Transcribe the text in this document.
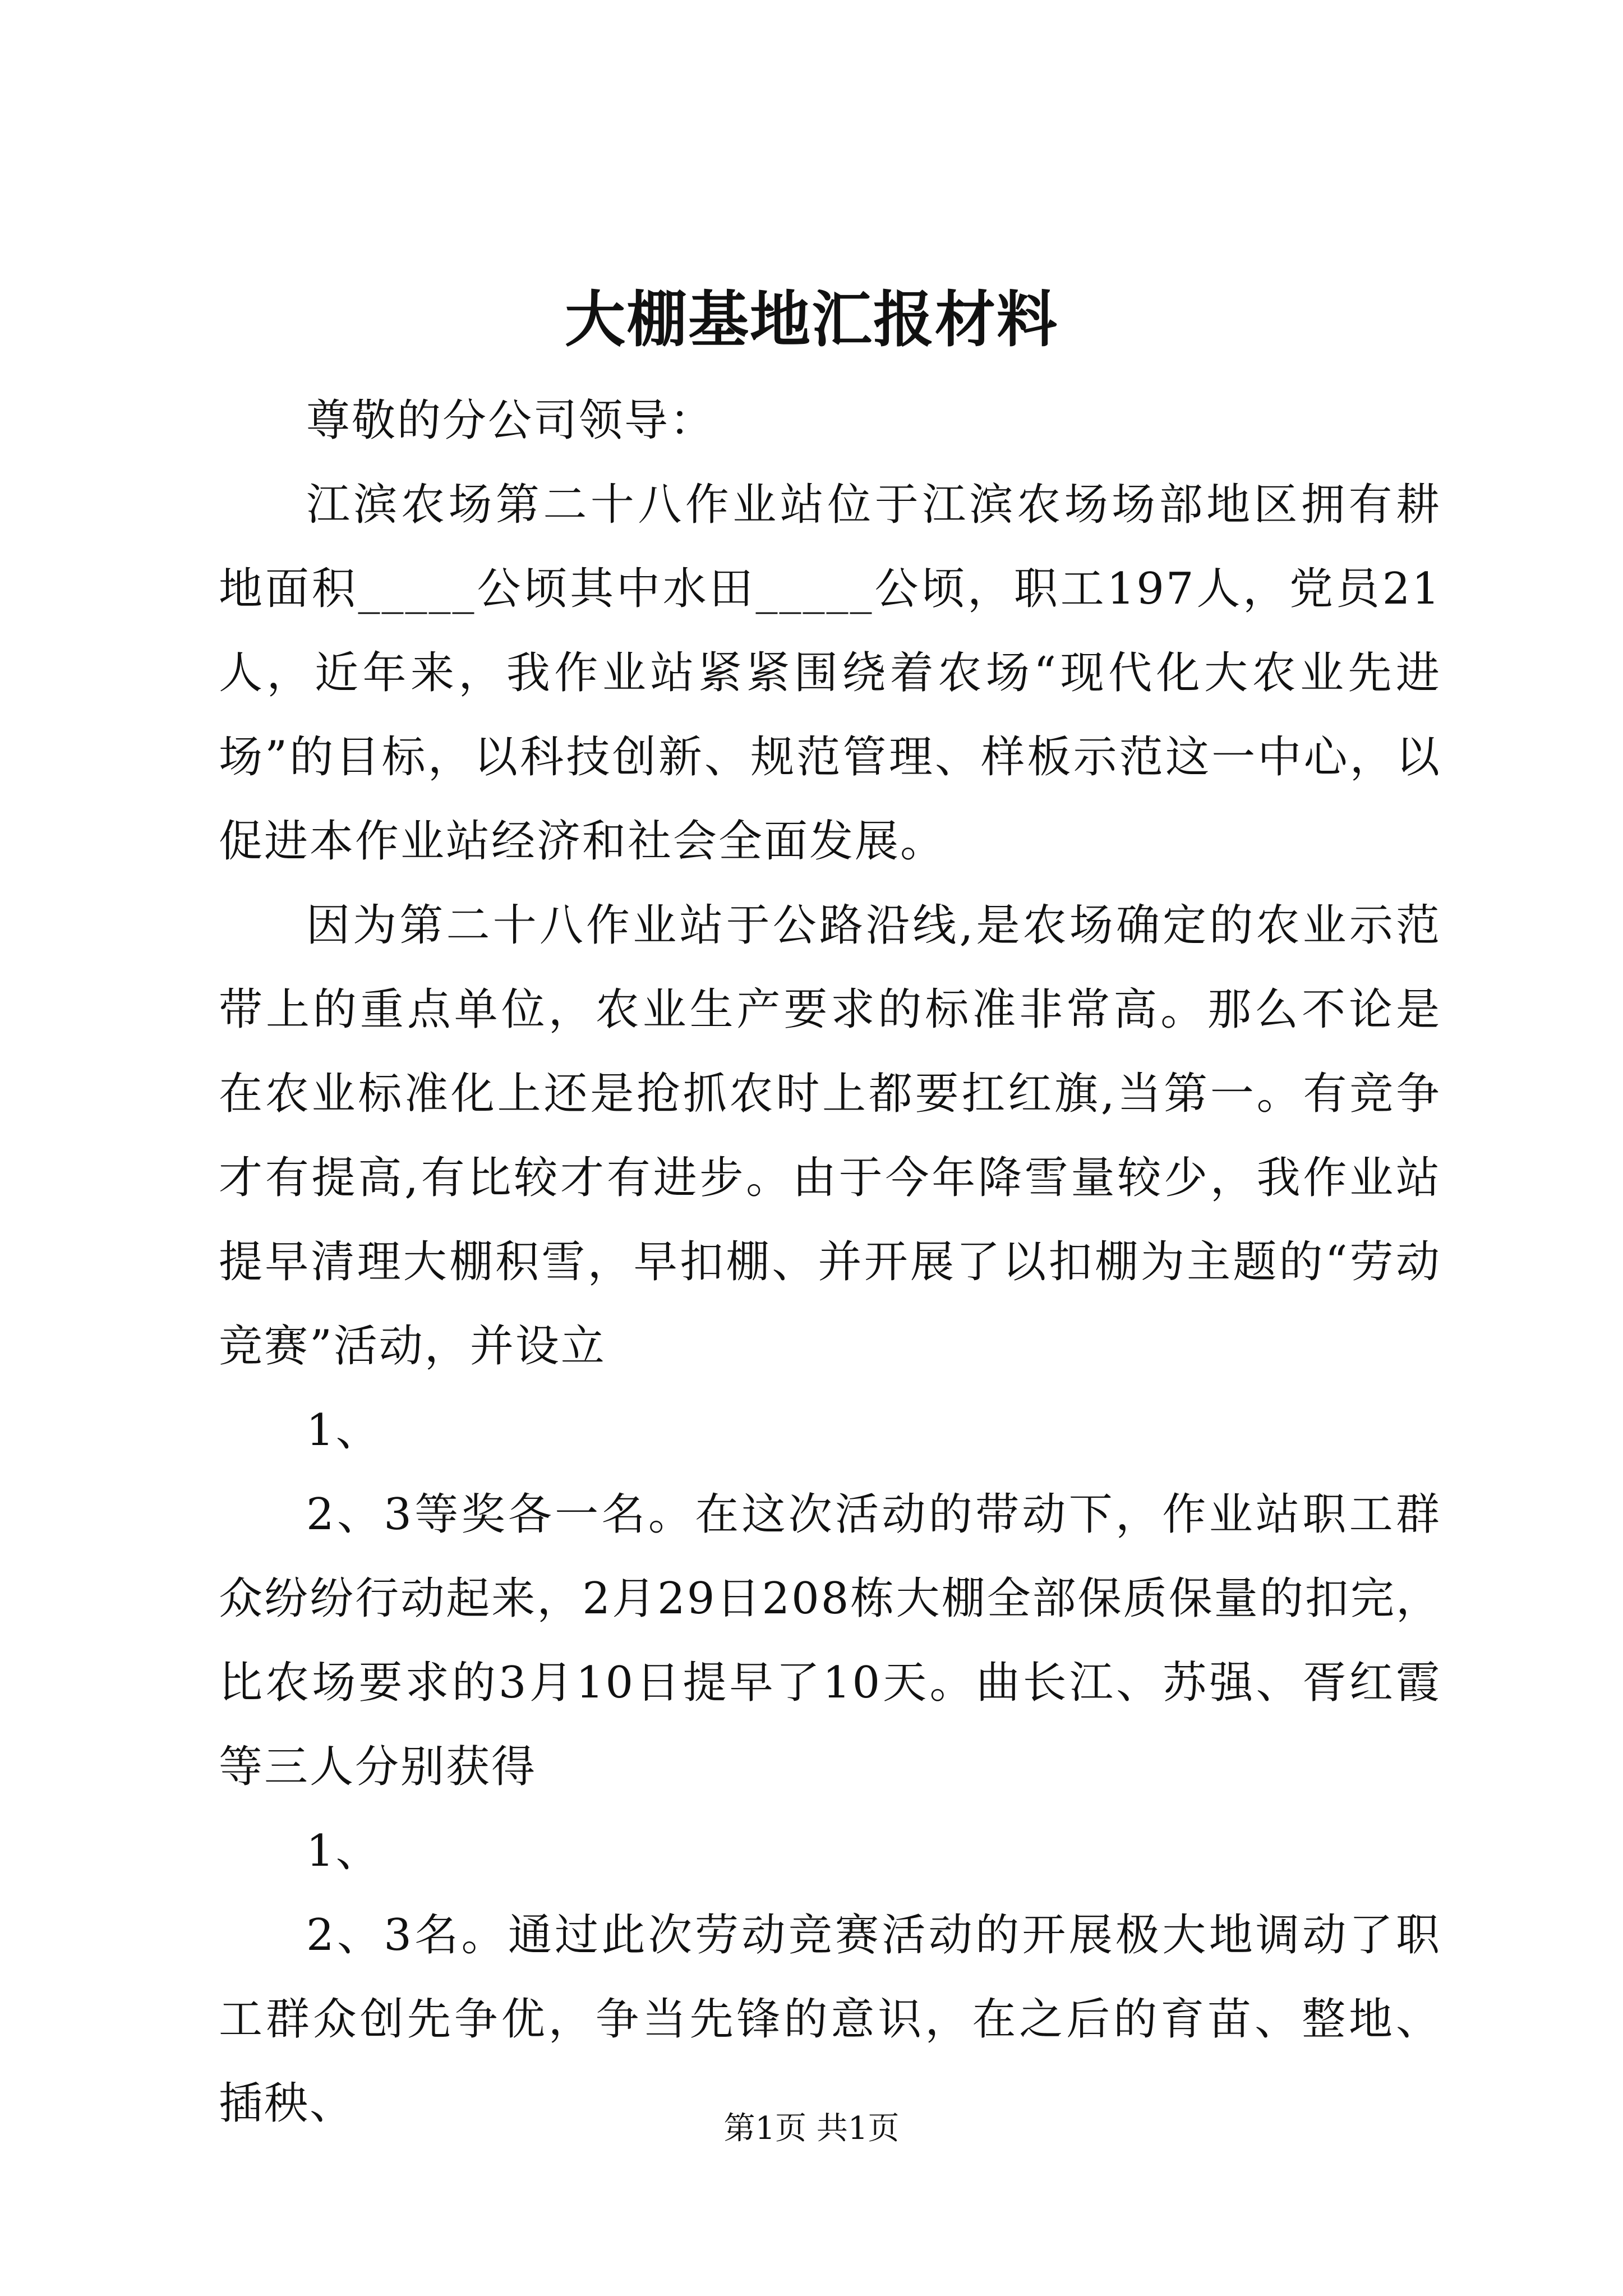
大棚基地汇报材料

尊敬的分公司领导：

江滨农场第二十八作业站位于江滨农场场部地区拥有耕地面积_____公顷其中水田_____公顷，职工197人，党员21人，近年来，我作业站紧紧围绕着农场“现代化大农业先进场”的目标，以科技创新、规范管理、样板示范这一中心，以促进本作业站经济和社会全面发展。

因为第二十八作业站于公路沿线,是农场确定的农业示范带上的重点单位，农业生产要求的标准非常高。那么不论是在农业标准化上还是抢抓农时上都要扛红旗,当第一。有竞争才有提高,有比较才有进步。由于今年降雪量较少，我作业站提早清理大棚积雪，早扣棚、并开展了以扣棚为主题的“劳动竞赛”活动，并设立

1、

2、3等奖各一名。在这次活动的带动下，作业站职工群众纷纷行动起来，2月29日208栋大棚全部保质保量的扣完，比农场要求的3月10日提早了10天。曲长江、苏强、胥红霞等三人分别获得

1、

2、3名。通过此次劳动竞赛活动的开展极大地调动了职工群众创先争优，争当先锋的意识，在之后的育苗、整地、插秧、	第1页 共1页
